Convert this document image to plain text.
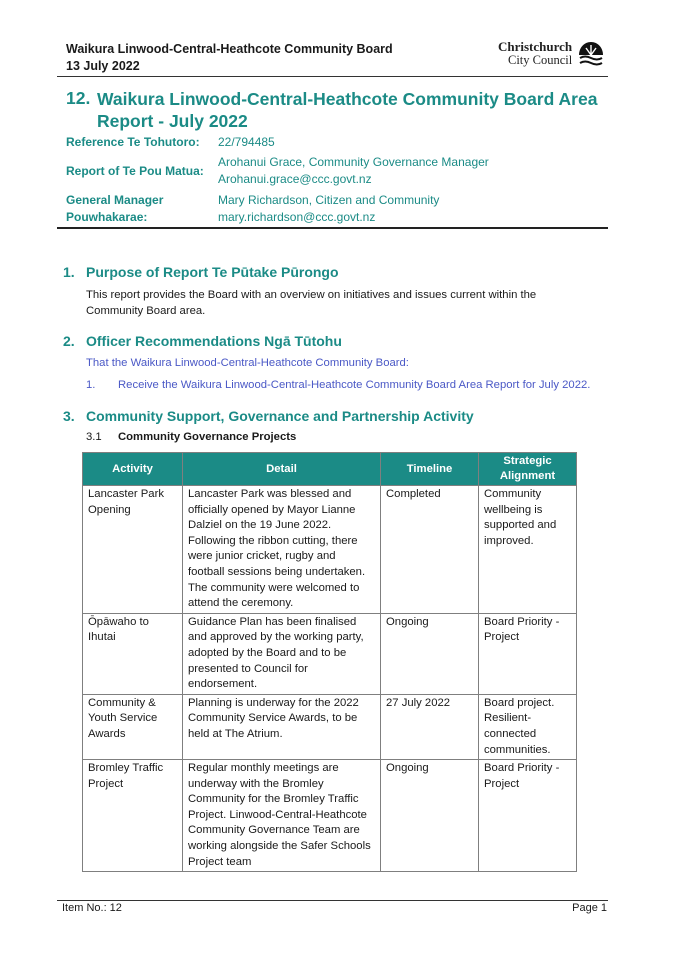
Waikura Linwood-Central-Heathcote Community Board
13 July 2022
Christchurch
City Council
12. Waikura Linwood-Central-Heathcote Community Board Area Report - July 2022
Reference Te Tohutoro: 22/794485
Report of Te Pou Matua:
Arohanui Grace, Community Governance Manager
Arohanui.grace@ccc.govt.nz
General Manager
Pouwhakarae:
Mary Richardson, Citizen and Community
mary.richardson@ccc.govt.nz
1. Purpose of Report Te Pūtake Pūrongo
This report provides the Board with an overview on initiatives and issues current within the Community Board area.
2. Officer Recommendations Ngā Tūtohu
That the Waikura Linwood-Central-Heathcote Community Board:
1. Receive the Waikura Linwood-Central-Heathcote Community Board Area Report for July 2022.
3. Community Support, Governance and Partnership Activity
3.1 Community Governance Projects
Activity	Detail	Timeline	Strategic Alignment
Lancaster Park Opening	Lancaster Park was blessed and officially opened by Mayor Lianne Dalziel on the 19 June 2022. Following the ribbon cutting, there were junior cricket, rugby and football sessions being undertaken. The community were welcomed to attend the ceremony.	Completed	Community wellbeing is supported and improved.
Ōpāwaho to Ihutai	Guidance Plan has been finalised and approved by the working party, adopted by the Board and to be presented to Council for endorsement.	Ongoing	Board Priority - Project
Community & Youth Service Awards	Planning is underway for the 2022 Community Service Awards, to be held at The Atrium.	27 July 2022	Board project. Resilient-connected communities.
Bromley Traffic Project	Regular monthly meetings are underway with the Bromley Community for the Bromley Traffic Project. Linwood-Central-Heathcote Community Governance Team are working alongside the Safer Schools Project team	Ongoing	Board Priority - Project
Item No.: 12	Page 1
